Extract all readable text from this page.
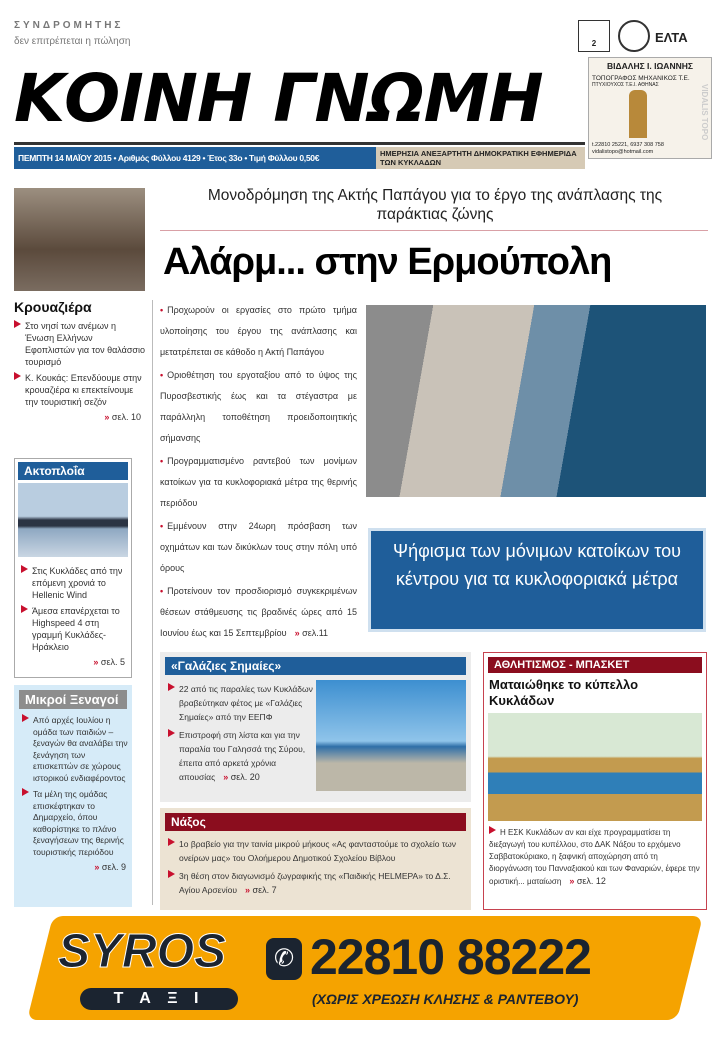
ΣΥΝΔΡΟΜΗΤΗΣ
δεν επιτρέπεται η πώληση
ΚΟΙΝΗ ΓΝΩΜΗ
ΠΕΜΠΤΗ 14 ΜΑΪΟΥ 2015 • Αριθμός Φύλλου 4129 • Έτος 33ο • Τιμή Φύλλου 0,50€	ΗΜΕΡΗΣΙΑ ΑΝΕΞΑΡΤΗΤΗ ΔΗΜΟΚΡΑΤΙΚΗ ΕΦΗΜΕΡΙΔΑ ΤΩΝ ΚΥΚΛΑΔΩΝ
2	ΕΛΤΑ
ΒΙΔΑΛΗΣ Ι. ΙΩΑΝΝΗΣ
ΤΟΠΟΓΡΑΦΟΣ ΜΗΧΑΝΙΚΟΣ Τ.Ε.
ΠΤΥΧΙΟΥΧΟΣ Τ.Ε.Ι. ΑΘΗΝΑΣ	VIDALIS TOPO
t.22810 25221, 6937 308 758
vidalistopo@hotmail.com
Κρουαζιέρα
Στο νησί των ανέμων η Ένωση Ελλήνων Εφοπλιστών για τον θαλάσσιο τουρισμό
Κ. Κουκάς: Επενδύουμε στην κρουαζιέρα κι επεκτείνουμε την τουριστική σεζόν
» σελ. 10
Ακτοπλοΐα
Στις Κυκλάδες από την επόμενη χρονιά το Hellenic Wind
Άμεσα επανέρχεται το Highspeed 4 στη γραμμή Κυκλάδες-Ηράκλειο
» σελ. 5
Μικροί Ξεναγοί
Από αρχές Ιουλίου η ομάδα των παιδιών – ξεναγών θα αναλάβει την ξενάγηση των επισκεπτών σε χώρους ιστορικού ενδιαφέροντος
Τα μέλη της ομάδας επισκέφτηκαν το Δημαρχείο, όπου καθορίστηκε το πλάνο ξεναγήσεων της θερινής τουριστικής περιόδου
» σελ. 9
Μονοδρόμηση της Ακτής Παπάγου για το έργο της ανάπλασης της παράκτιας ζώνης
Αλάρμ... στην Ερμούπολη
• Προχωρούν οι εργασίες στο πρώτο τμήμα υλοποίησης του έργου της ανάπλασης και μετατρέπεται σε κάθοδο η Ακτή Παπάγου
• Οριοθέτηση του εργοταξίου από το ύψος της Πυροσβεστικής έως και τα στέγαστρα με παράλληλη τοποθέτηση προειδοποιητικής σήμανσης
• Προγραμματισμένο ραντεβού των μονίμων κατοίκων για τα κυκλοφοριακά μέτρα της θερινής περιόδου
• Εμμένουν στην 24ωρη πρόσβαση των οχημάτων και των δικύκλων τους στην πόλη υπό όρους
• Προτείνουν τον προσδιορισμό συγκεκριμένων θέσεων στάθμευσης τις βραδινές ώρες από 15 Ιουνίου έως και 15 Σεπτεμβρίου » σελ.11
Ψήφισμα των μόνιμων κατοίκων του κέντρου για τα κυκλοφοριακά μέτρα
«Γαλάζιες Σημαίες»
22 από τις παραλίες των Κυκλάδων βραβεύτηκαν φέτος με «Γαλάζιες Σημαίες» από την ΕΕΠΦ
Επιστροφή στη λίστα και για την παραλία του Γαλησσά της Σύρου, έπειτα από αρκετά χρόνια απουσίας » σελ. 20
Νάξος
1ο βραβείο για την ταινία μικρού μήκους «Ας φανταστούμε το σχολείο των ονείρων μας» του Ολοήμερου Δημοτικού Σχολείου Βίβλου
3η θέση στον διαγωνισμό ζωγραφικής της «Παιδικής HELMEPA» το Δ.Σ. Αγίου Αρσενίου » σελ. 7
ΑΘΛΗΤΙΣΜΟΣ - ΜΠΑΣΚΕΤ
Ματαιώθηκε το κύπελλο Κυκλάδων
Η ΕΣΚ Κυκλάδων αν και είχε προγραμματίσει τη διεξαγωγή του κυπέλλου, στο ΔΑΚ Νάξου το ερχόμενο Σαββατοκύριακο, η ξαφνική αποχώρηση από τη διοργάνωση του Πανναξιακού και των Φαναριών, έφερε την οριστική... ματαίωση » σελ. 12
SYROS
Τ Α Ξ Ι
✆ 22810 88222
(ΧΩΡΙΣ ΧΡΕΩΣΗ ΚΛΗΣΗΣ & ΡΑΝΤΕΒΟΥ)
